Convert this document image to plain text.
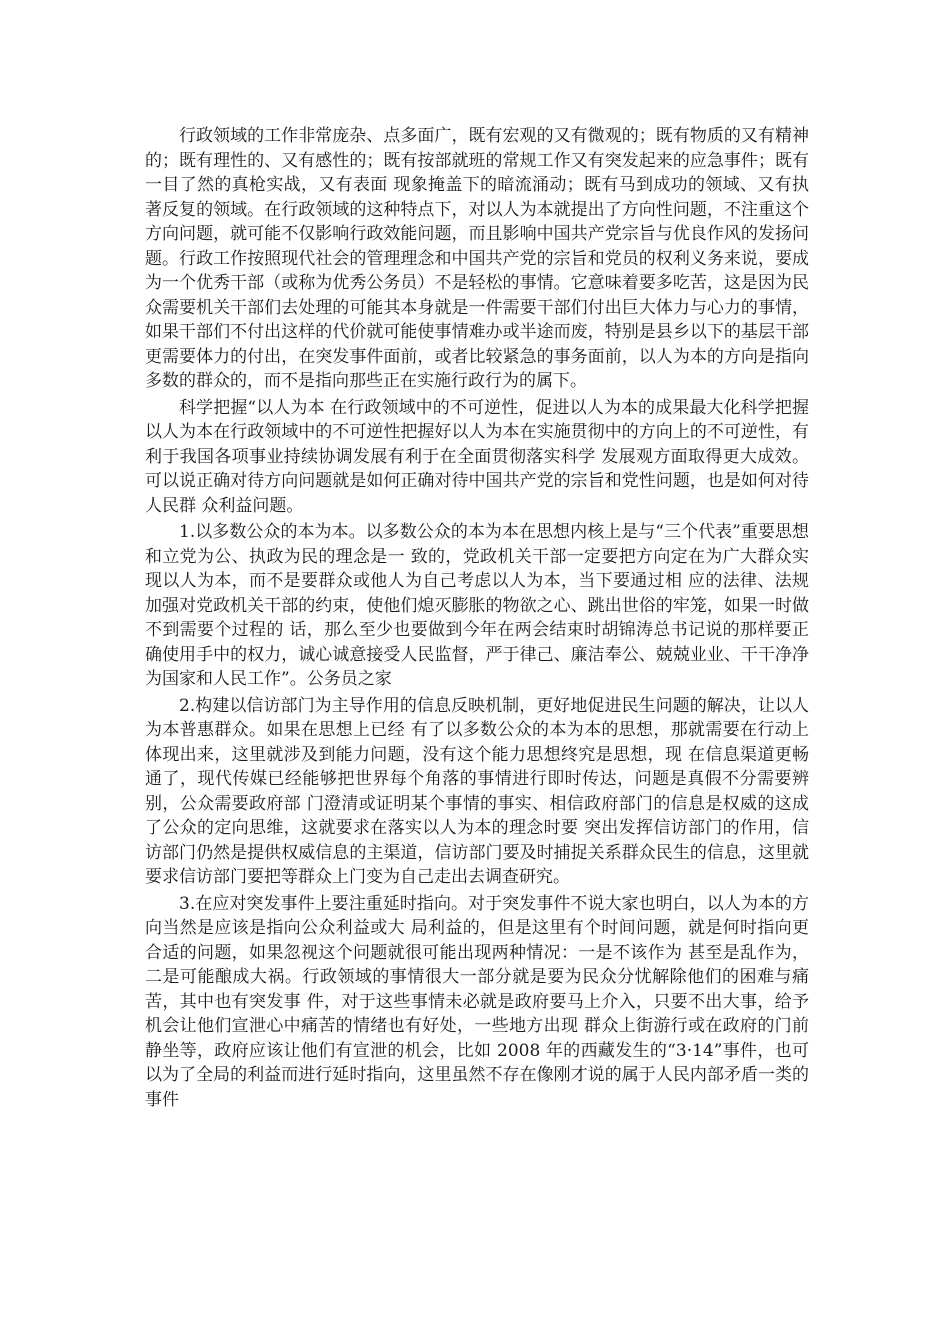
行政领域的工作非常庞杂、点多面广，既有宏观的又有微观的；既有物质的又有精神的；既有理性的、又有感性的；既有按部就班的常规工作又有突发起来的应急事件；既有一目了然的真枪实战，又有表面 现象掩盖下的暗流涌动；既有马到成功的领域、又有执著反复的领域。在行政领域的这种特点下，对以人为本就提出了方向性问题，不注重这个方向问题，就可能不仅影响行政效能问题，而且影响中国共产党宗旨与优良作风的发扬问题。行政工作按照现代社会的管理理念和中国共产党的宗旨和党员的权利义务来说，要成为一个优秀干部（或称为优秀公务员）不是轻松的事情。它意味着要多吃苦，这是因为民众需要机关干部们去处理的可能其本身就是一件需要干部们付出巨大体力与心力的事情，如果干部们不付出这样的代价就可能使事情难办或半途而废，特别是县乡以下的基层干部更需要体力的付出，在突发事件面前，或者比较紧急的事务面前，以人为本的方向是指向多数的群众的，而不是指向那些正在实施行政行为的属下。

科学把握“以人为本 在行政领域中的不可逆性，促进以人为本的成果最大化科学把握 以人为本在行政领域中的不可逆性把握好以人为本在实施贯彻中的方向上的不可逆性，有利于我国各项事业持续协调发展有利于在全面贯彻落实科学 发展观方面取得更大成效。可以说正确对待方向问题就是如何正确对待中国共产党的宗旨和党性问题，也是如何对待人民群 众利益问题。

1.以多数公众的本为本。以多数公众的本为本在思想内核上是与“三个代表”重要思想和立党为公、执政为民的理念是一 致的，党政机关干部一定要把方向定在为广大群众实现以人为本，而不是要群众或他人为自己考虑以人为本，当下要通过相 应的法律、法规加强对党政机关干部的约束，使他们熄灭膨胀的物欲之心、跳出世俗的牢笼，如果一时做不到需要个过程的 话，那么至少也要做到今年在两会结束时胡锦涛总书记说的那样要正确使用手中的权力，诚心诚意接受人民监督，严于律己、廉洁奉公、兢兢业业、干干净净为国家和人民工作”。公务员之家

2.构建以信访部门为主导作用的信息反映机制，更好地促进民生问题的解决，让以人为本普惠群众。如果在思想上已经 有了以多数公众的本为本的思想，那就需要在行动上体现出来，这里就涉及到能力问题，没有这个能力思想终究是思想，现 在信息渠道更畅通了，现代传媒已经能够把世界每个角落的事情进行即时传达，问题是真假不分需要辨别，公众需要政府部 门澄清或证明某个事情的事实、相信政府部门的信息是权威的这成了公众的定向思维，这就要求在落实以人为本的理念时要 突出发挥信访部门的作用，信访部门仍然是提供权威信息的主渠道，信访部门要及时捕捉关系群众民生的信息，这里就要求信访部门要把等群众上门变为自己走出去调查研究。

3.在应对突发事件上要注重延时指向。对于突发事件不说大家也明白，以人为本的方向当然是应该是指向公众利益或大 局利益的，但是这里有个时间问题，就是何时指向更合适的问题，如果忽视这个问题就很可能出现两种情况：一是不该作为 甚至是乱作为，二是可能酿成大祸。行政领域的事情很大一部分就是要为民众分忧解除他们的困难与痛苦，其中也有突发事 件，对于这些事情未必就是政府要马上介入，只要不出大事，给予机会让他们宣泄心中痛苦的情绪也有好处，一些地方出现 群众上街游行或在政府的门前静坐等，政府应该让他们有宣泄的机会，比如 2008 年的西藏发生的“3·14”事件，也可以为了全局的利益而进行延时指向，这里虽然不存在像刚才说的属于人民内部矛盾一类的事件
